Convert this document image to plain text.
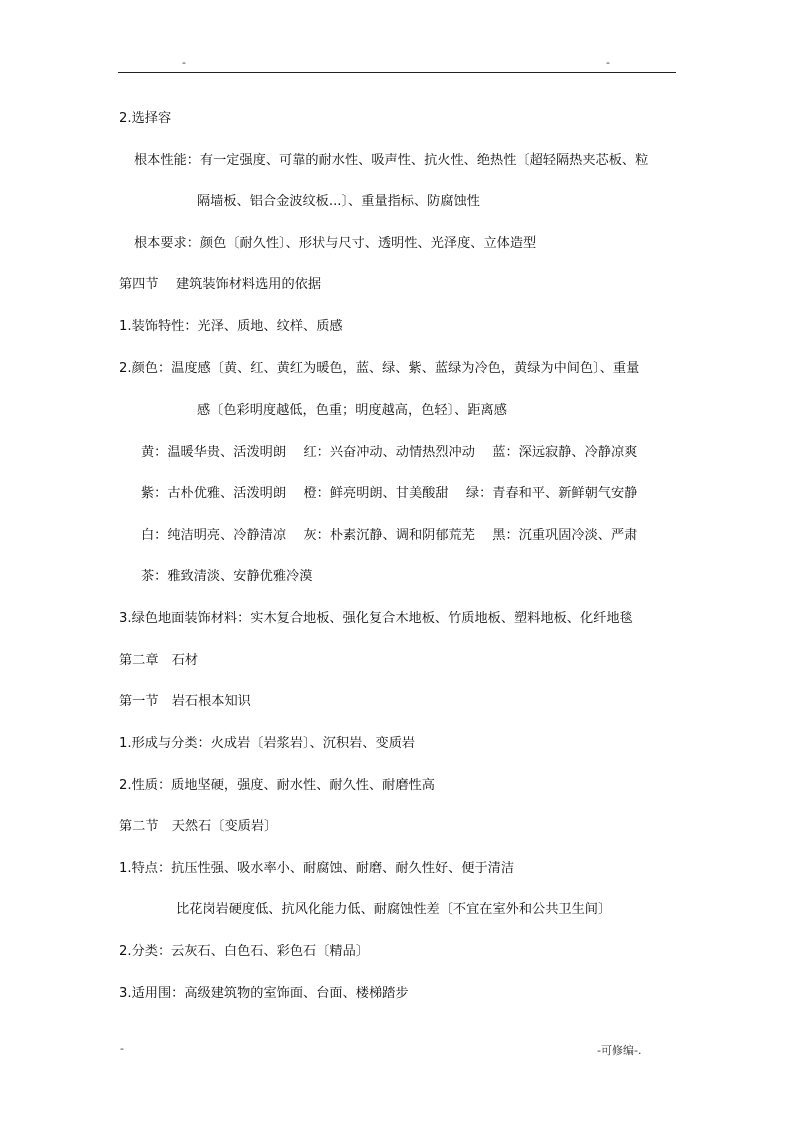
-	-
2.选择容
根本性能：有一定强度、可靠的耐水性、吸声性、抗火性、绝热性〔超轻隔热夹芯板、粒
隔墙板、铝合金波纹板...〕、重量指标、防腐蚀性
根本要求：颜色〔耐久性〕、形状与尺寸、透明性、光泽度、立体造型
第四节　 建筑装饰材料选用的依据
1.装饰特性：光泽、质地、纹样、质感
2.颜色：温度感〔黄、红、黄红为暖色，蓝、绿、紫、蓝绿为冷色，黄绿为中间色〕、重量
感〔色彩明度越低，色重；明度越高，色轻〕、距离感
黄：温暖华贵、活泼明朗　 红：兴奋冲动、动情热烈冲动　 蓝：深远寂静、冷静凉爽
紫：古朴优雅、活泼明朗　 橙：鲜亮明朗、甘美酸甜　 绿：青春和平、新鲜朝气安静
白：纯洁明亮、冷静清凉　 灰：朴素沉静、调和阴郁荒芜　 黑：沉重巩固冷淡、严肃
茶：雅致清淡、安静优雅冷漠
3.绿色地面装饰材料：实木复合地板、强化复合木地板、竹质地板、塑料地板、化纤地毯
第二章　石材
第一节　岩石根本知识
1.形成与分类：火成岩〔岩浆岩〕、沉积岩、变质岩
2.性质：质地坚硬，强度、耐水性、耐久性、耐磨性高
第二节　天然石〔变质岩〕
1.特点：抗压性强、吸水率小、耐腐蚀、耐磨、耐久性好、便于清洁
比花岗岩硬度低、抗风化能力低、耐腐蚀性差〔不宜在室外和公共卫生间〕
2.分类：云灰石、白色石、彩色石〔精品〕
3.适用围：高级建筑物的室饰面、台面、楼梯踏步
-	-可修编-.
